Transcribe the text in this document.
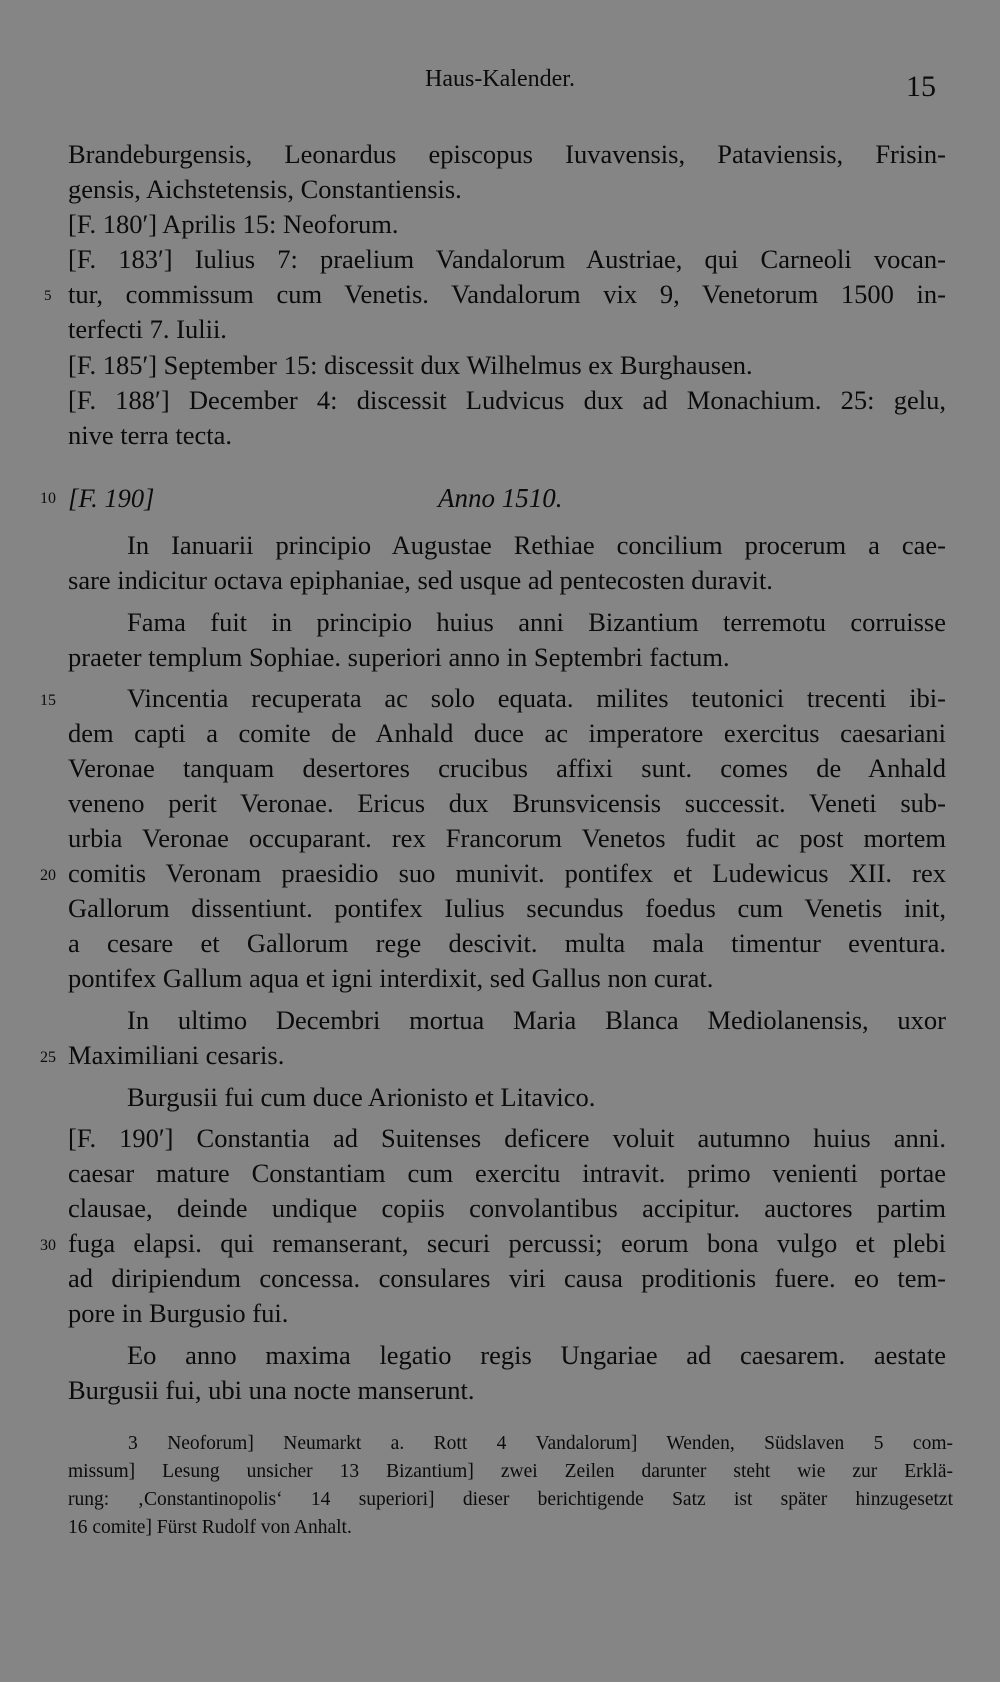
Haus-Kalender.	15
Brandeburgensis, Leonardus episcopus Iuvavensis, Pataviensis, Frisin-
gensis, Aichstetensis, Constantiensis.
[F. 180′] Aprilis 15: Neoforum.
[F. 183′] Iulius 7: praelium Vandalorum Austriae, qui Carneoli vocan-
tur, commissum cum Venetis. Vandalorum vix 9, Venetorum 1500 in-
terfecti 7. Iulii.
[F. 185′] September 15: discessit dux Wilhelmus ex Burghausen.
[F. 188′] December 4: discessit Ludvicus dux ad Monachium. 25: gelu,
nive terra tecta.
[F. 190]	Anno 1510.
In Ianuarii principio Augustae Rethiae concilium procerum a cae-
sare indicitur octava epiphaniae, sed usque ad pentecosten duravit.
Fama fuit in principio huius anni Bizantium terremotu corruisse
praeter templum Sophiae. superiori anno in Septembri factum.
Vincentia recuperata ac solo equata. milites teutonici trecenti ibi-
dem capti a comite de Anhald duce ac imperatore exercitus caesariani
Veronae tanquam desertores crucibus affixi sunt. comes de Anhald
veneno perit Veronae. Ericus dux Brunsvicensis successit. Veneti sub-
urbia Veronae occuparant. rex Francorum Venetos fudit ac post mortem
comitis Veronam praesidio suo munivit. pontifex et Ludewicus XII. rex
Gallorum dissentiunt. pontifex Iulius secundus foedus cum Venetis init,
a cesare et Gallorum rege descivit. multa mala timentur eventura.
pontifex Gallum aqua et igni interdixit, sed Gallus non curat.
In ultimo Decembri mortua Maria Blanca Mediolanensis, uxor
Maximiliani cesaris.
Burgusii fui cum duce Arionisto et Litavico.
[F. 190′] Constantia ad Suitenses deficere voluit autumno huius anni.
caesar mature Constantiam cum exercitu intravit. primo venienti portae
clausae, deinde undique copiis convolantibus accipitur. auctores partim
fuga elapsi. qui remanserant, securi percussi; eorum bona vulgo et plebi
ad diripiendum concessa. consulares viri causa proditionis fuere. eo tem-
pore in Burgusio fui.
Eo anno maxima legatio regis Ungariae ad caesarem. aestate
Burgusii fui, ubi una nocte manserunt.
5
10
15
20
25
30
3 Neoforum] Neumarkt a. Rott 4 Vandalorum] Wenden, Südslaven 5 com-
missum] Lesung unsicher 13 Bizantium] zwei Zeilen darunter steht wie zur Erklä-
rung: ‚Constantinopolis‘ 14 superiori] dieser berichtigende Satz ist später hinzugesetzt
16 comite] Fürst Rudolf von Anhalt.
